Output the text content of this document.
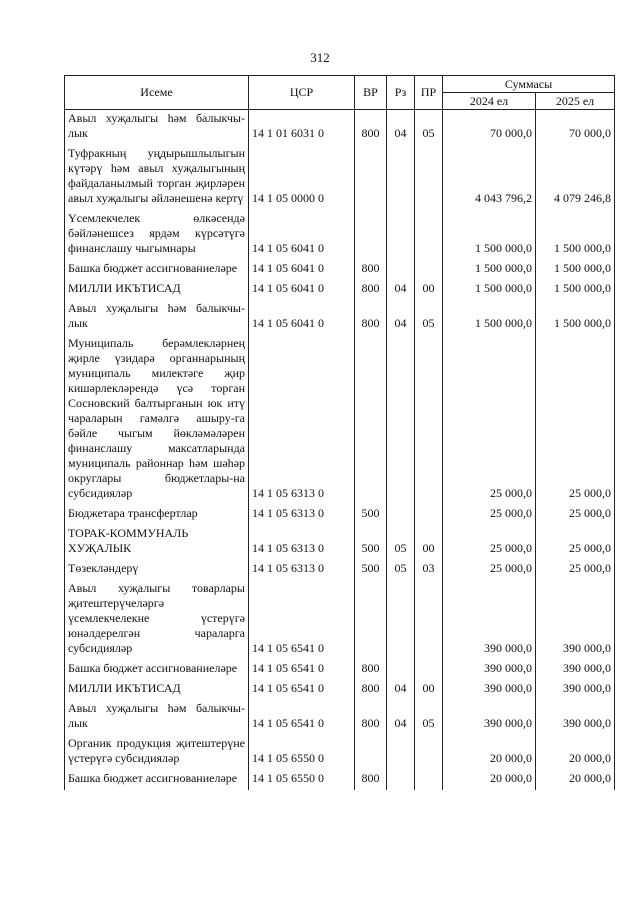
312
Исеме	ЦСР	ВР	Рз	ПР	Суммасы	
					2024 ел	2025 ел
Авыл хуҗалыгы һәм балыкчы-лык	14 1 01 6031 0	800	04	05	70 000,0	70 000,0
Туфракның уңдырышлылыгын күтәрү һәм авыл хуҗалыгының файдаланылмый торган җирләрен авыл хуҗалыгы әйләнешенә кертү	14 1 05 0000 0				4 043 796,2	4 079 246,8
Үсемлекчелек өлкәсендә бәйләнешсез ярдәм күрсәтүгә финанслашу чыгымнары	14 1 05 6041 0				1 500 000,0	1 500 000,0
Башка бюджет ассигнованиеләре	14 1 05 6041 0	800			1 500 000,0	1 500 000,0
МИЛЛИ ИКЪТИСАД	14 1 05 6041 0	800	04	00	1 500 000,0	1 500 000,0
Авыл хуҗалыгы һәм балыкчы-лык	14 1 05 6041 0	800	04	05	1 500 000,0	1 500 000,0
Муниципаль берәмлекләрнең җирле үзидарә органнарының муниципаль милектәге җир кишәрлекләрендә үсә торган Сосновский балтырганын юк итү чараларын гамәлгә ашыру-га бәйле чыгым йөкләмәләрен финанслашу максатларында муниципаль районнар һәм шәһәр округлары бюджетлары-на субсидияләр	14 1 05 6313 0				25 000,0	25 000,0
Бюджетара трансфертлар	14 1 05 6313 0	500			25 000,0	25 000,0
ТОРАК-КОММУНАЛЬ ХУҖАЛЫК	14 1 05 6313 0	500	05	00	25 000,0	25 000,0
Төзекләндерү	14 1 05 6313 0	500	05	03	25 000,0	25 000,0
Авыл хуҗалыгы товарлары җитештерүчеләргә үсемлекчелекне үстерүгә юнәлдерелгән чараларга субсидияләр	14 1 05 6541 0				390 000,0	390 000,0
Башка бюджет ассигнованиеләре	14 1 05 6541 0	800			390 000,0	390 000,0
МИЛЛИ ИКЪТИСАД	14 1 05 6541 0	800	04	00	390 000,0	390 000,0
Авыл хуҗалыгы һәм балыкчы-лык	14 1 05 6541 0	800	04	05	390 000,0	390 000,0
Органик продукция җитештерүне үстерүгә субсидияләр	14 1 05 6550 0				20 000,0	20 000,0
Башка бюджет ассигнованиеләре	14 1 05 6550 0	800			20 000,0	20 000,0
